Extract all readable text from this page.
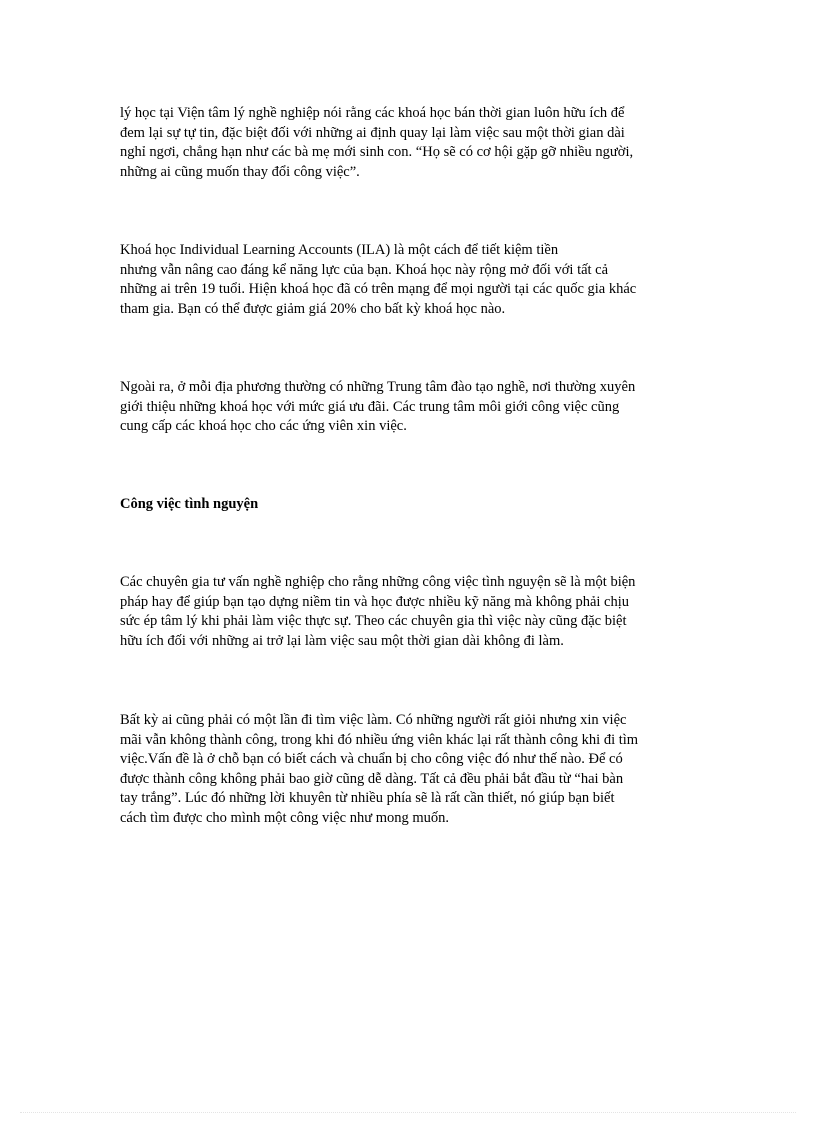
lý học tại Viện tâm lý nghề nghiệp nói rằng các khoá học bán thời gian luôn hữu ích để
đem lại sự tự tin, đặc biệt đối với những ai định quay lại làm việc sau một thời gian dài
nghỉ ngơi, chẳng hạn như các bà mẹ mới sinh con. “Họ sẽ có cơ hội gặp gỡ nhiều người,
những ai cũng muốn thay đổi công việc”.

Khoá học Individual Learning Accounts (ILA) là một cách để tiết kiệm tiền
nhưng vẫn nâng cao đáng kể năng lực của bạn. Khoá học này rộng mở đối với tất cả
những ai trên 19 tuổi. Hiện khoá học đã có trên mạng để mọi người tại các quốc gia khác
tham gia. Bạn có thể được giảm giá 20% cho bất kỳ khoá học nào.

Ngoài ra, ở mỗi địa phương thường có những Trung tâm đào tạo nghề, nơi thường xuyên
giới thiệu những khoá học với mức giá ưu đãi. Các trung tâm môi giới công việc cũng
cung cấp các khoá học cho các ứng viên xin việc.

Công việc tình nguyện

Các chuyên gia tư vấn nghề nghiệp cho rằng những công việc tình nguyện sẽ là một biện
pháp hay để giúp bạn tạo dựng niềm tin và học được nhiều kỹ năng mà không phải chịu
sức ép tâm lý khi phải làm việc thực sự. Theo các chuyên gia thì việc này cũng đặc biệt
hữu ích đối với những ai trở lại làm việc sau một thời gian dài không đi làm.

Bất kỳ ai cũng phải có một lần đi tìm việc làm. Có những người rất giỏi nhưng xin việc
mãi vẫn không thành công, trong khi đó nhiều ứng viên khác lại rất thành công khi đi tìm
việc.Vấn đề là ở chỗ bạn có biết cách và chuẩn bị cho công việc đó như thế nào. Để có
được thành công không phải bao giờ cũng dễ dàng. Tất cả đều phải bắt đầu từ “hai bàn
tay trắng”. Lúc đó những lời khuyên từ nhiều phía sẽ là rất cần thiết, nó giúp bạn biết
cách tìm được cho mình một công việc như mong muốn.
